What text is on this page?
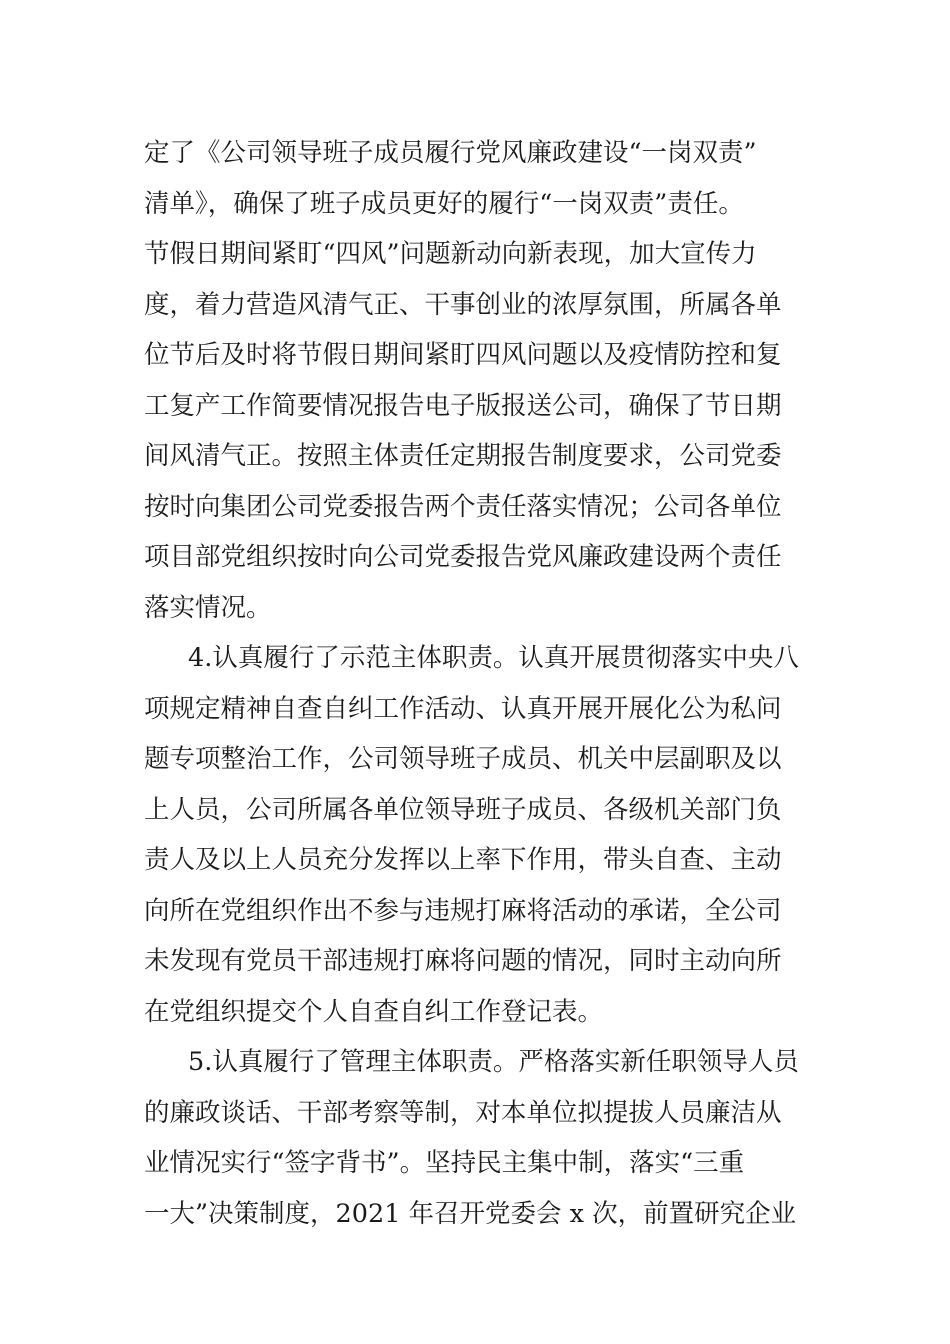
定了《公司领导班子成员履行党风廉政建设“一岗双责”
清单》，确保了班子成员更好的履行“一岗双责”责任。
节假日期间紧盯“四风”问题新动向新表现，加大宣传力
度，着力营造风清气正、干事创业的浓厚氛围，所属各单
位节后及时将节假日期间紧盯四风问题以及疫情防控和复
工复产工作简要情况报告电子版报送公司，确保了节日期
间风清气正。按照主体责任定期报告制度要求，公司党委
按时向集团公司党委报告两个责任落实情况；公司各单位
项目部党组织按时向公司党委报告党风廉政建设两个责任
落实情况。
4.认真履行了示范主体职责。认真开展贯彻落实中央八
项规定精神自查自纠工作活动、认真开展开展化公为私问
题专项整治工作，公司领导班子成员、机关中层副职及以
上人员，公司所属各单位领导班子成员、各级机关部门负
责人及以上人员充分发挥以上率下作用，带头自查、主动
向所在党组织作出不参与违规打麻将活动的承诺，全公司
未发现有党员干部违规打麻将问题的情况，同时主动向所
在党组织提交个人自查自纠工作登记表。
5.认真履行了管理主体职责。严格落实新任职领导人员
的廉政谈话、干部考察等制，对本单位拟提拔人员廉洁从
业情况实行“签字背书”。坚持民主集中制，落实“三重
一大”决策制度，2021 年召开党委会 x 次，前置研究企业
